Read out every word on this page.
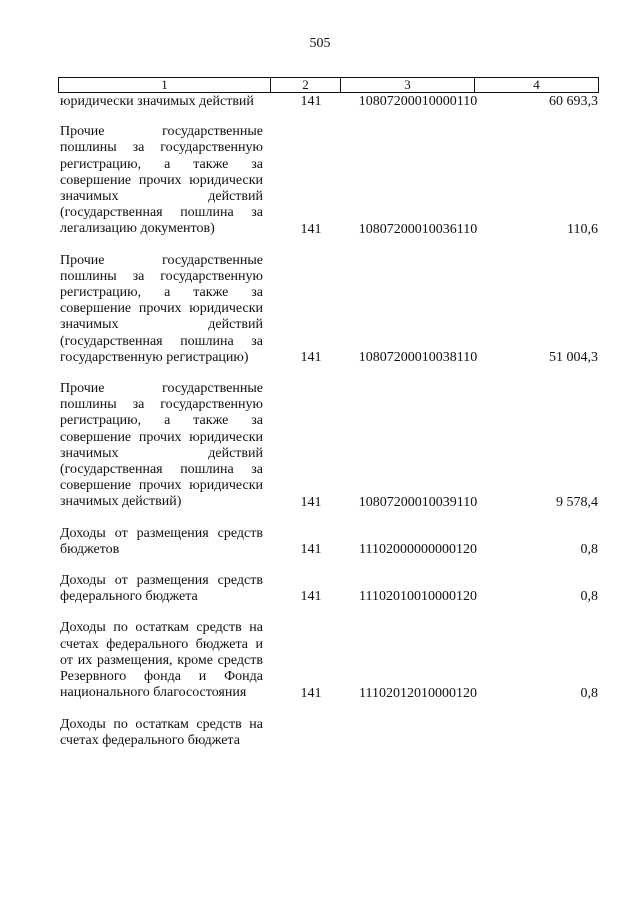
505
1	2	3	4
юридически значимых действий	141	10807200010000110	60 693,3
Прочие государственные пошлины за государственную регистрацию, а также за совершение прочих юридически значимых действий (государственная пошлина за легализацию документов)	141	10807200010036110	110,6
Прочие государственные пошлины за государственную регистрацию, а также за совершение прочих юридически значимых действий (государственная пошлина за государственную регистрацию)	141	10807200010038110	51 004,3
Прочие государственные пошлины за государственную регистрацию, а также за совершение прочих юридически значимых действий (государственная пошлина за совершение прочих юридически значимых действий)	141	10807200010039110	9 578,4
Доходы от размещения средств бюджетов	141	11102000000000120	0,8
Доходы от размещения средств федерального бюджета	141	11102010010000120	0,8
Доходы по остаткам средств на счетах федерального бюджета и от их размещения, кроме средств Резервного фонда и Фонда национального благосостояния	141	11102012010000120	0,8
Доходы по остаткам средств на счетах федерального бюджета
